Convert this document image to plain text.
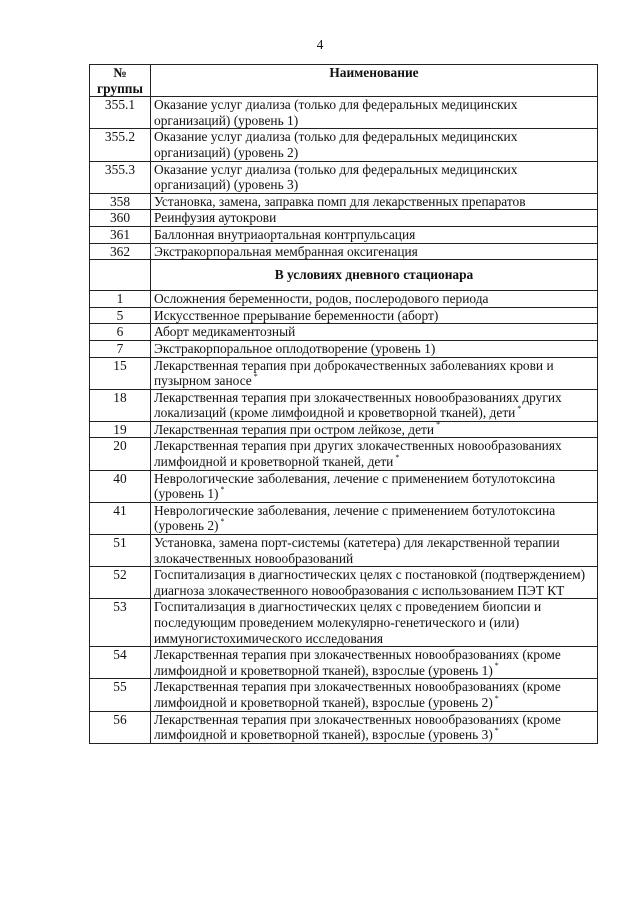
4
№
группы	Наименование
355.1	Оказание услуг диализа (только для федеральных медицинских организаций) (уровень 1)
355.2	Оказание услуг диализа (только для федеральных медицинских организаций) (уровень 2)
355.3	Оказание услуг диализа (только для федеральных медицинских организаций) (уровень 3)
358	Установка, замена, заправка помп для лекарственных препаратов
360	Реинфузия аутокрови
361	Баллонная внутриаортальная контрпульсация
362	Экстракорпоральная мембранная оксигенация
	В условиях дневного стационара
1	Осложнения беременности, родов, послеродового периода
5	Искусственное прерывание беременности (аборт)
6	Аборт медикаментозный
7	Экстракорпоральное оплодотворение (уровень 1)
15	Лекарственная терапия при доброкачественных заболеваниях крови и пузырном заносе *
18	Лекарственная терапия при злокачественных новообразованиях других локализаций (кроме лимфоидной и кроветворной тканей), дети *
19	Лекарственная терапия при остром лейкозе, дети *
20	Лекарственная терапия при других злокачественных новообразованиях лимфоидной и кроветворной тканей, дети *
40	Неврологические заболевания, лечение с применением ботулотоксина (уровень 1) *
41	Неврологические заболевания, лечение с применением ботулотоксина (уровень 2) *
51	Установка, замена порт-системы (катетера) для лекарственной терапии злокачественных новообразований
52	Госпитализация в диагностических целях с постановкой (подтверждением) диагноза злокачественного новообразования с использованием ПЭТ КТ
53	Госпитализация в диагностических целях с проведением биопсии и последующим проведением молекулярно-генетического и (или) иммуногистохимического исследования
54	Лекарственная терапия при злокачественных новообразованиях (кроме лимфоидной и кроветворной тканей), взрослые (уровень 1) *
55	Лекарственная терапия при злокачественных новообразованиях (кроме лимфоидной и кроветворной тканей), взрослые (уровень 2) *
56	Лекарственная терапия при злокачественных новообразованиях (кроме лимфоидной и кроветворной тканей), взрослые (уровень 3) *
